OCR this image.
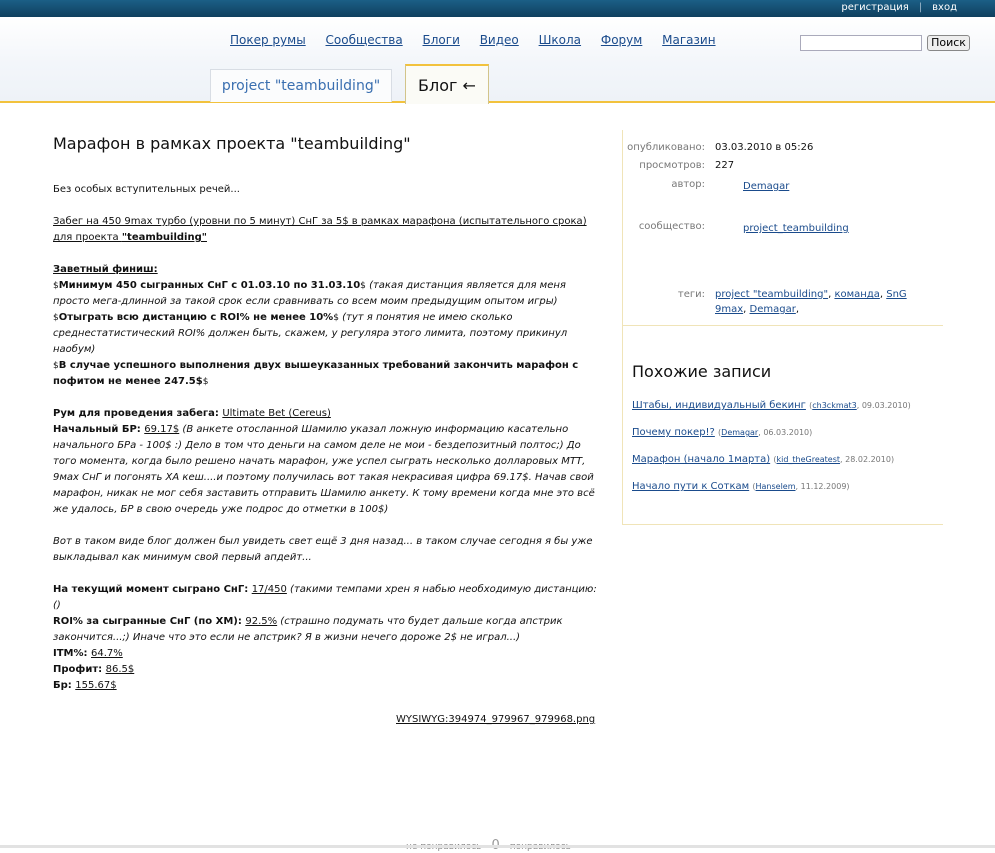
регистрация | вход
Покер румы Сообщества Блоги Видео Школа Форум Магазин	Поиск
project "teambuilding"	Блог ←
Марафон в рамках проекта "teambuilding"

Без особых вступительных речей...

Забег на 450 9max турбо (уровни по 5 минут) СнГ за 5$ в рамках марафона (испытательного срока) для проекта "teambuilding"

Заветный финиш:

$Минимум 450 сыгранных СнГ с 01.03.10 по 31.03.10$ (такая дистанция является для меня просто мега-длинной за такой срок если сравнивать со всем моим предыдущим опытом игры)

$Отыграть всю дистанцию с ROI% не менее 10%$ (тут я понятия не имею сколько среднестатистический ROI% должен быть, скажем, у регуляра этого лимита, поэтому прикинул наобум)

$В случае успешного выполнения двух вышеуказанных требований закончить марафон с пофитом не менее 247.5$$

Рум для проведения забега: Ultimate Bet (Cereus)

Начальный БР: 69.17$ (В анкете отосланной Шамилю указал ложную информацию касательно начального БРа - 100$ :) Дело в том что деньги на самом деле не мои - бездепозитный полтос;) До того момента, когда было решено начать марафон, уже успел сыграть несколько долларовых МТТ, 9мах СнГ и погонять ХА кеш....и поэтому получилась вот такая некрасивая цифра 69.17$. Начав свой марафон, никак не мог себя заставить отправить Шамилю анкету. К тому времени когда мне это всё же удалось, БР в свою очередь уже подрос до отметки в 100$)

Вот в таком виде блог должен был увидеть свет ещё 3 дня назад... в таком случае сегодня я бы уже выкладывал как минимум свой первый апдейт...

На текущий момент сыграно СнГ: 17/450 (такими темпами хрен я набью необходимую дистанцию:()

ROI% за сыгранные СнГ (по ХМ): 92.5% (страшно подумать что будет дальше когда апстрик закончится...;) Иначе что это если не апстрик? Я в жизни нечего дороже 2$ не играл...)

ITM%: 64.7%

Профит: 86.5$

Бр: 155.67$

WYSIWYG:394974_979967_979968.png
опубликовано: 03.03.2010 в 05:26
просмотров: 227
автор:	Demagar
сообщество:	project_teambuilding
теги: project "teambuilding", команда, SnG 9max, Demagar,
Похожие записи
Штабы, индивидуальный бекинг (ch3ckmat3, 09.03.2010)
Почему покер!? (Demagar, 06.03.2010)
Марафон (начало 1марта) (kid_theGreatest, 28.02.2010)
Начало пути к Соткам (Hanselem, 11.12.2009)
